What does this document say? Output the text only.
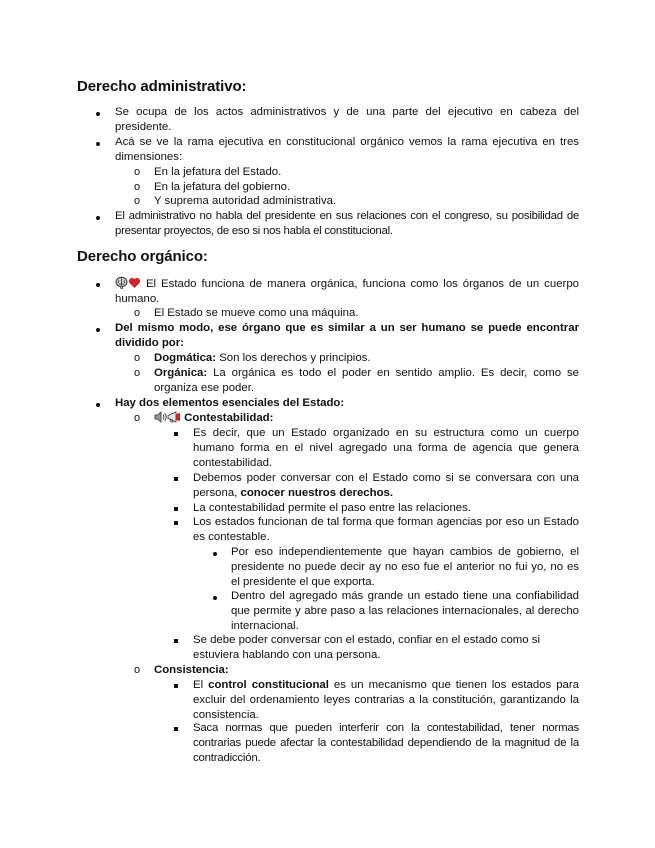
Derecho administrativo:

Se ocupa de los actos administrativos y de una parte del ejecutivo en cabeza del presidente.

Acá se ve la rama ejecutiva en constitucional orgánico vemos la rama ejecutiva en tres dimensiones:

o En la jefatura del Estado.

o En la jefatura del gobierno.

o Y suprema autoridad administrativa.

El administrativo no habla del presidente en sus relaciones con el congreso, su posibilidad de presentar proyectos, de eso si nos habla el constitucional.

Derecho orgánico:

El Estado funciona de manera orgánica, funciona como los órganos de un cuerpo humano.

o El Estado se mueve como una máquina.

Del mismo modo, ese órgano que es similar a un ser humano se puede encontrar dividido por:

o Dogmática: Son los derechos y principios.

o Orgánica: La orgánica es todo el poder en sentido amplio. Es decir, como se organiza ese poder.

Hay dos elementos esenciales del Estado:

o	Contestabilidad:

Es decir, que un Estado organizado en su estructura como un cuerpo humano forma en el nivel agregado una forma de agencia que genera contestabilidad.

Debemos poder conversar con el Estado como si se conversara con una persona, conocer nuestros derechos.

La contestabilidad permite el paso entre las relaciones.

Los estados funcionan de tal forma que forman agencias por eso un Estado es contestable.

Por eso independientemente que hayan cambios de gobierno, el presidente no puede decir ay no eso fue el anterior no fui yo, no es el presidente el que exporta.

Dentro del agregado más grande un estado tiene una confiabilidad que permite y abre paso a las relaciones internacionales, al derecho internacional.

Se debe poder conversar con el estado, confiar en el estado como si estuviera hablando con una persona.

o Consistencia:

El control constitucional es un mecanismo que tienen los estados para excluir del ordenamiento leyes contrarias a la constitución, garantizando la consistencia.

Saca normas que pueden interferir con la contestabilidad, tener normas contrarias puede afectar la contestabilidad dependiendo de la magnitud de la contradicción.
